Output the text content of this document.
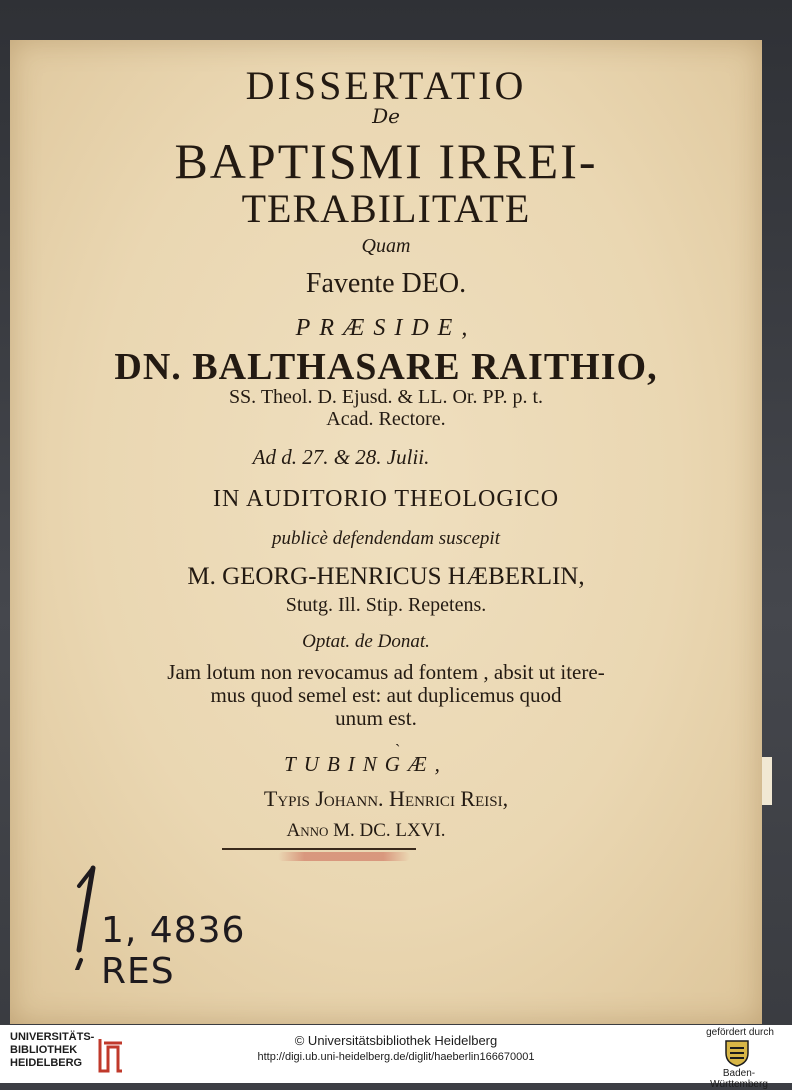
DISSERTATIO
De
BAPTISMI IRREI-
TERABILITATE
Quam
Favente DEO.
PRÆSIDE,
DN. BALTHASARE RAITHIO,
SS. Theol. D. Ejusd. & LL. Or. PP. p. t.
Acad. Rectore.
Ad d. 27. & 28. Julii.
IN AUDITORIO THEOLOGICO
publicè defendendam suscepit
M. GEORG-HENRICUS HÆBERLIN,
Stutg. Ill. Stip. Repetens.
Optat. de Donat.
Jam lotum non revocamus ad fontem , absit ut itere-
mus quod semel est: aut duplicemus quod
unum est.
ˎ
TUBINGÆ,
Typis Johann. Henrici Reisi,
Anno M. DC. LXVI.
1, 4836 RES
UNIVERSITÄTS- BIBLIOTHEK HEIDELBERG
© Universitätsbibliothek Heidelberg
http://digi.ub.uni-heidelberg.de/diglit/haeberlin166670001
gefördert durch
Baden-Württemberg
